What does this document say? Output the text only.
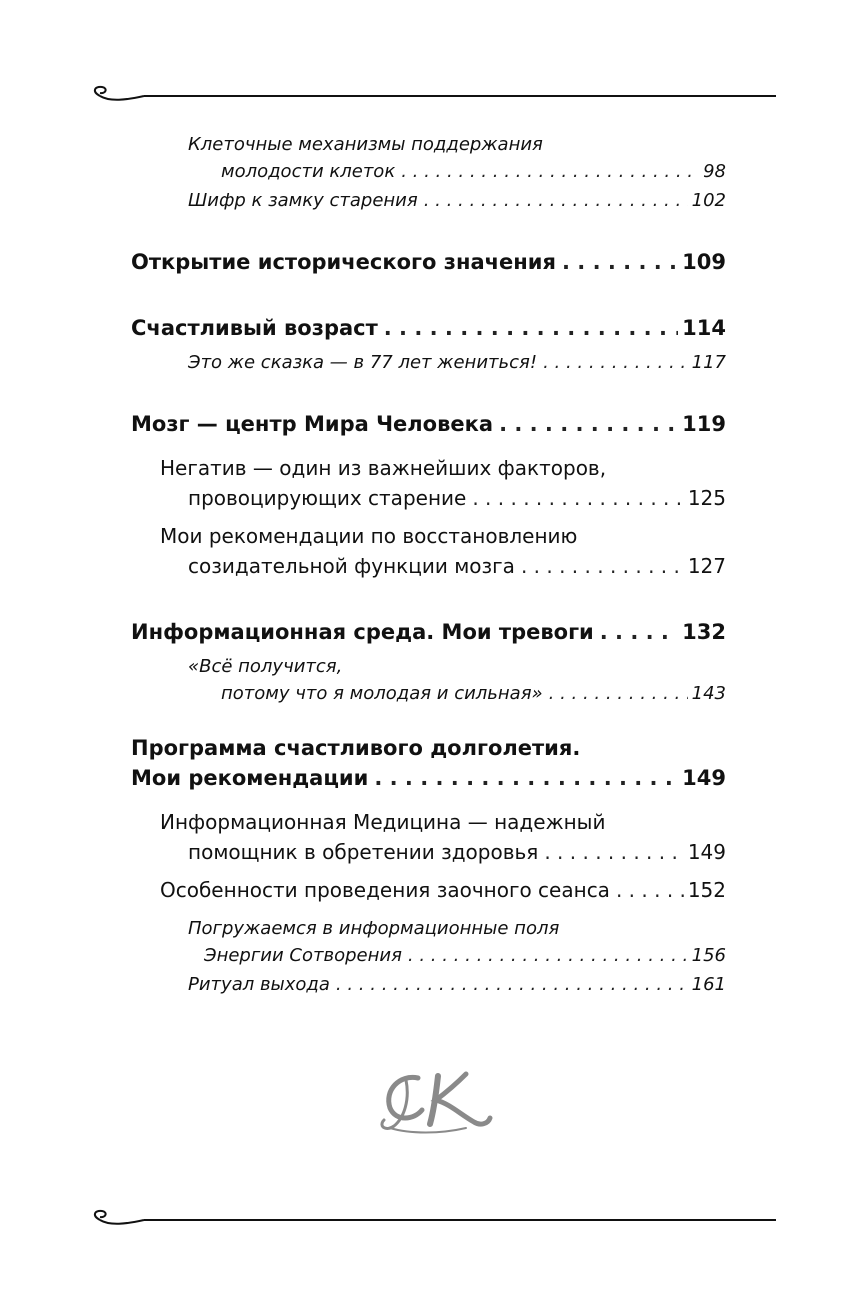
Клеточные механизмы поддержания
молодости клеток . . .	98
Шифр к замку старения . . .	102
Открытие исторического значения . . .	109
Счастливый возраст . . .	114
Это же сказка — в 77 лет жениться! . . .	117
Мозг — центр Мира Человека . . .	119
Негатив — один из важнейших факторов,
провоцирующих старение . . .	125
Мои рекомендации по восстановлению
созидательной функции мозга . . .	127
Информационная среда. Мои тревоги . . .	132
«Всё получится,
потому что я молодая и сильная» . . .	143
Программа счастливого долголетия.
Мои рекомендации . . .	149
Информационная Медицина — надежный
помощник в обретении здоровья . . .	149
Особенности проведения заочного сеанса . . .	152
Погружаемся в информационные поля
Энергии Сотворения . . .	156
Ритуал выхода . . .	161
